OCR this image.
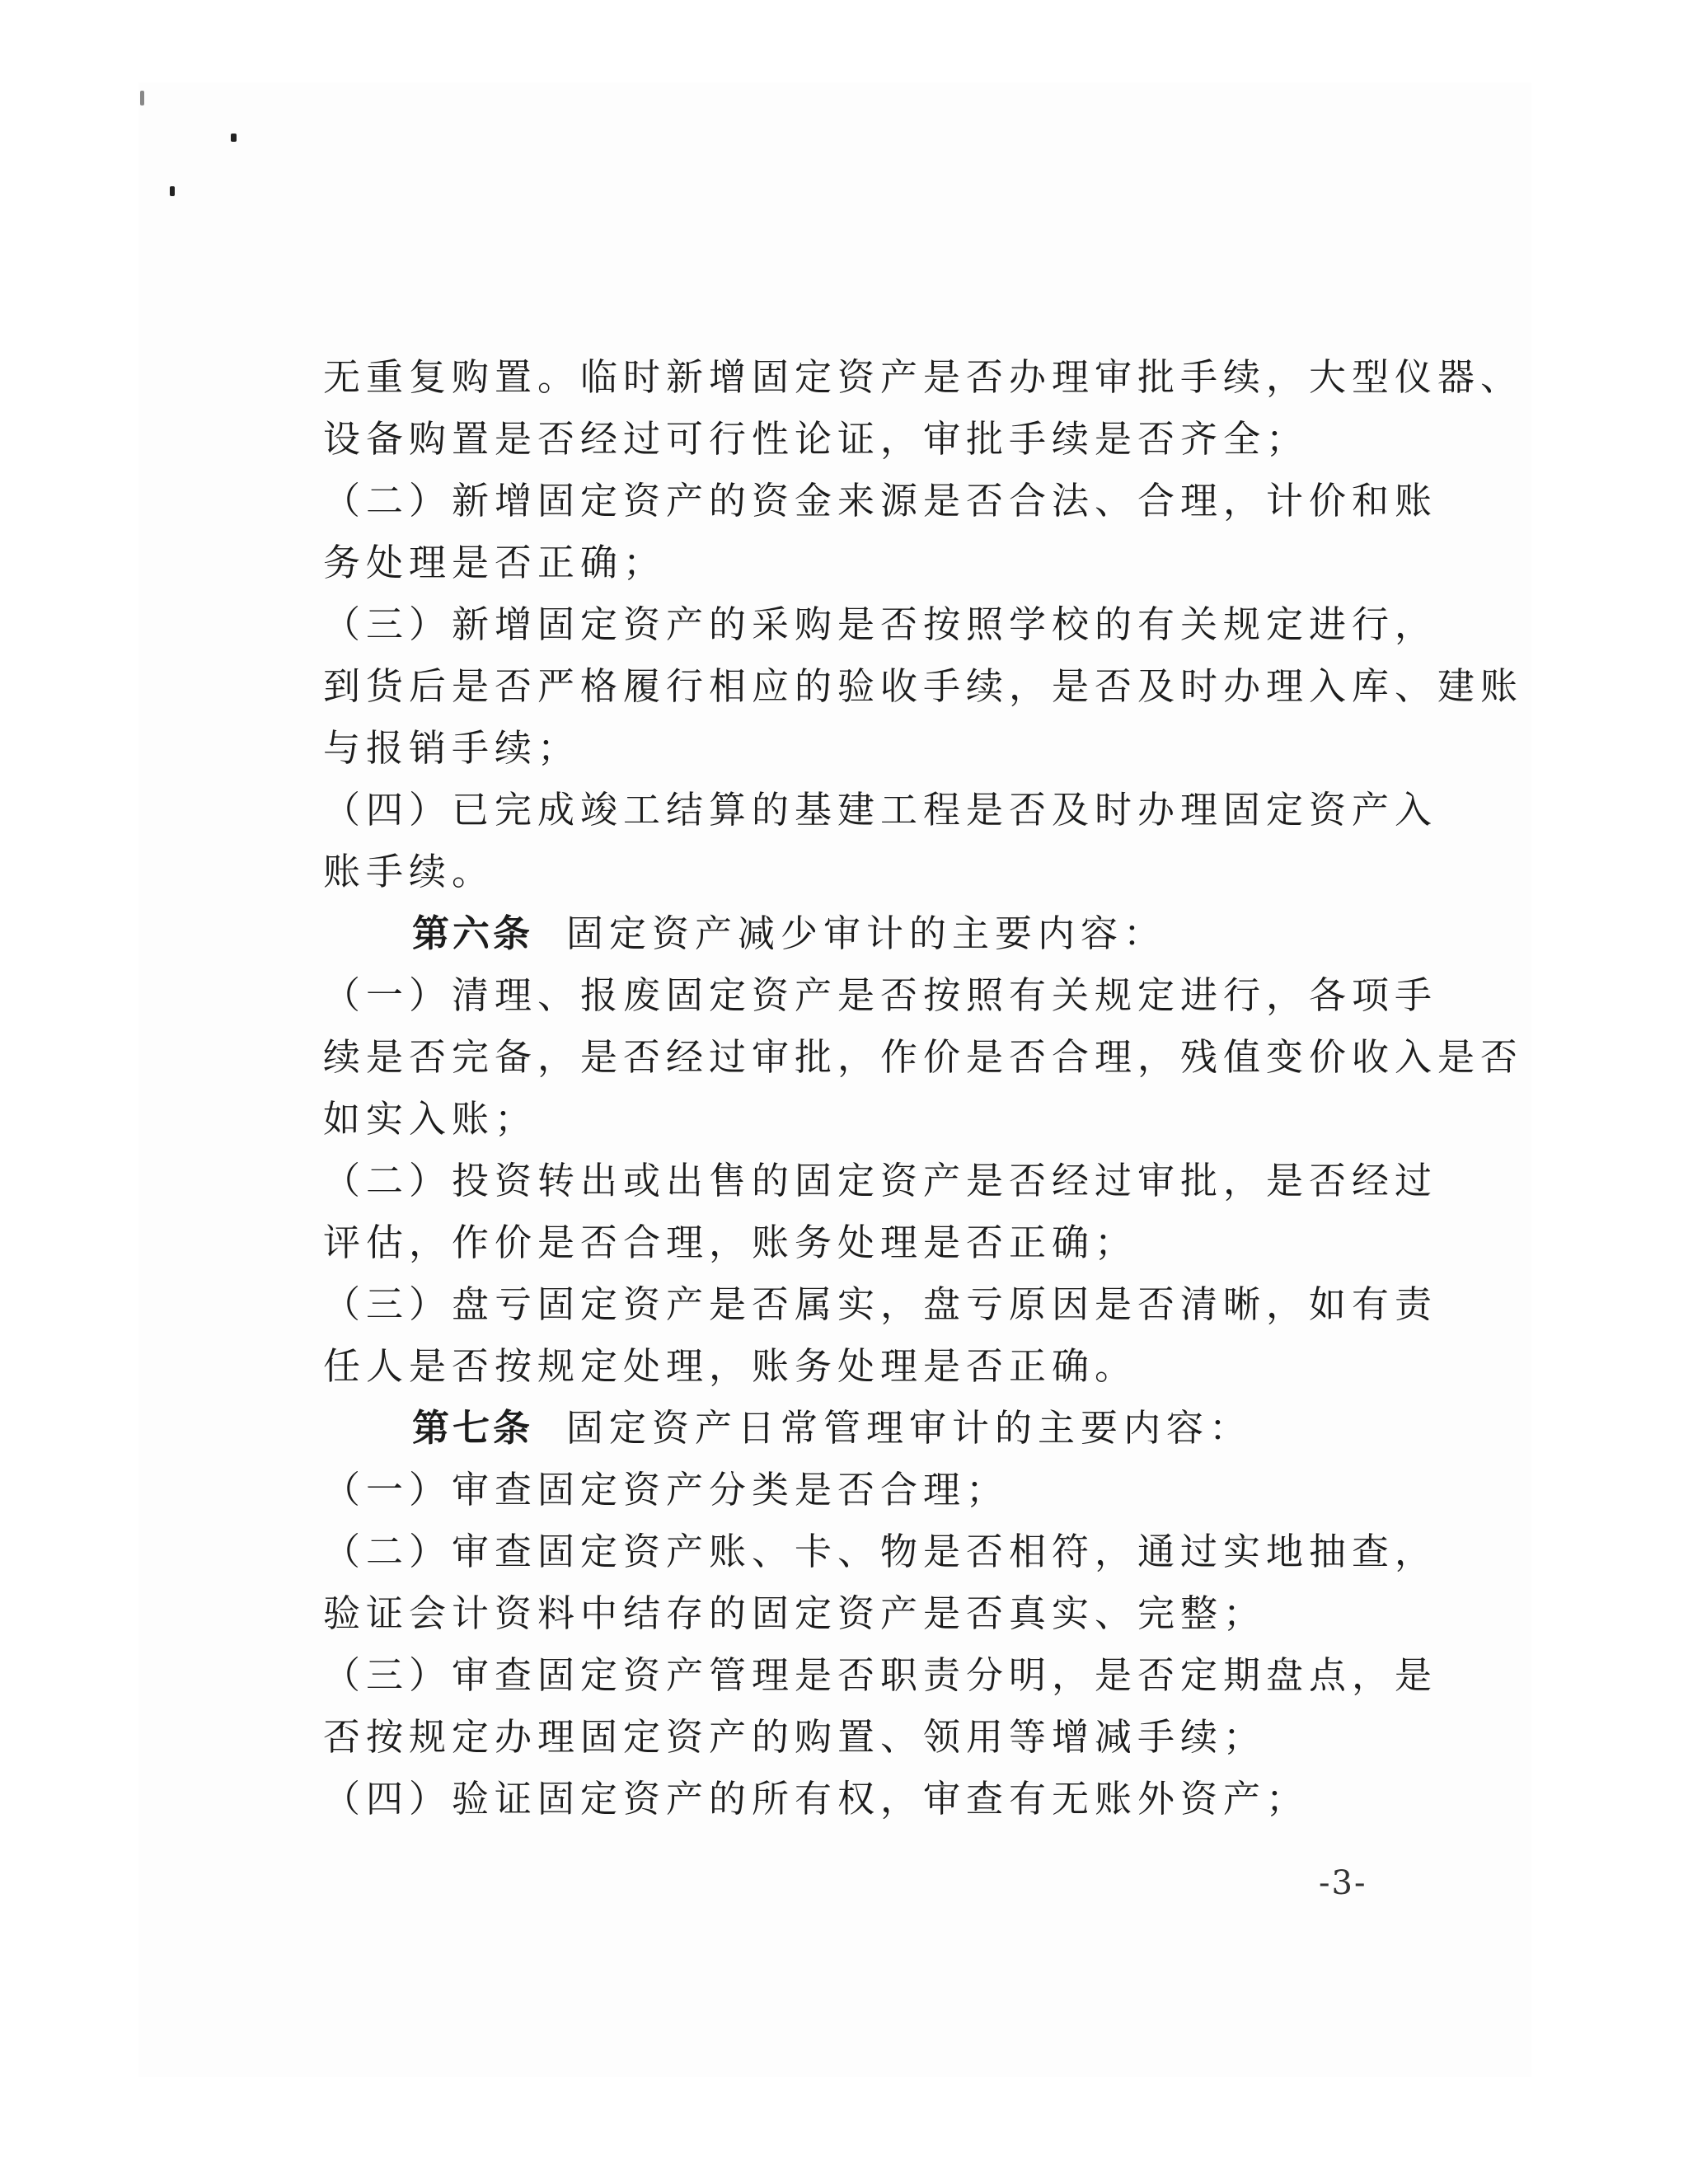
无重复购置。临时新增固定资产是否办理审批手续，大型仪器、
设备购置是否经过可行性论证，审批手续是否齐全；
（二）新增固定资产的资金来源是否合法、合理，计价和账
务处理是否正确；
（三）新增固定资产的采购是否按照学校的有关规定进行，
到货后是否严格履行相应的验收手续，是否及时办理入库、建账
与报销手续；
（四）已完成竣工结算的基建工程是否及时办理固定资产入
账手续。
第六条 固定资产减少审计的主要内容：
（一）清理、报废固定资产是否按照有关规定进行，各项手
续是否完备，是否经过审批，作价是否合理，残值变价收入是否
如实入账；
（二）投资转出或出售的固定资产是否经过审批，是否经过
评估，作价是否合理，账务处理是否正确；
（三）盘亏固定资产是否属实，盘亏原因是否清晰，如有责
任人是否按规定处理，账务处理是否正确。
第七条 固定资产日常管理审计的主要内容：
（一）审查固定资产分类是否合理；
（二）审查固定资产账、卡、物是否相符，通过实地抽查，
验证会计资料中结存的固定资产是否真实、完整；
（三）审查固定资产管理是否职责分明，是否定期盘点，是
否按规定办理固定资产的购置、领用等增减手续；
（四）验证固定资产的所有权，审查有无账外资产；
-3-
